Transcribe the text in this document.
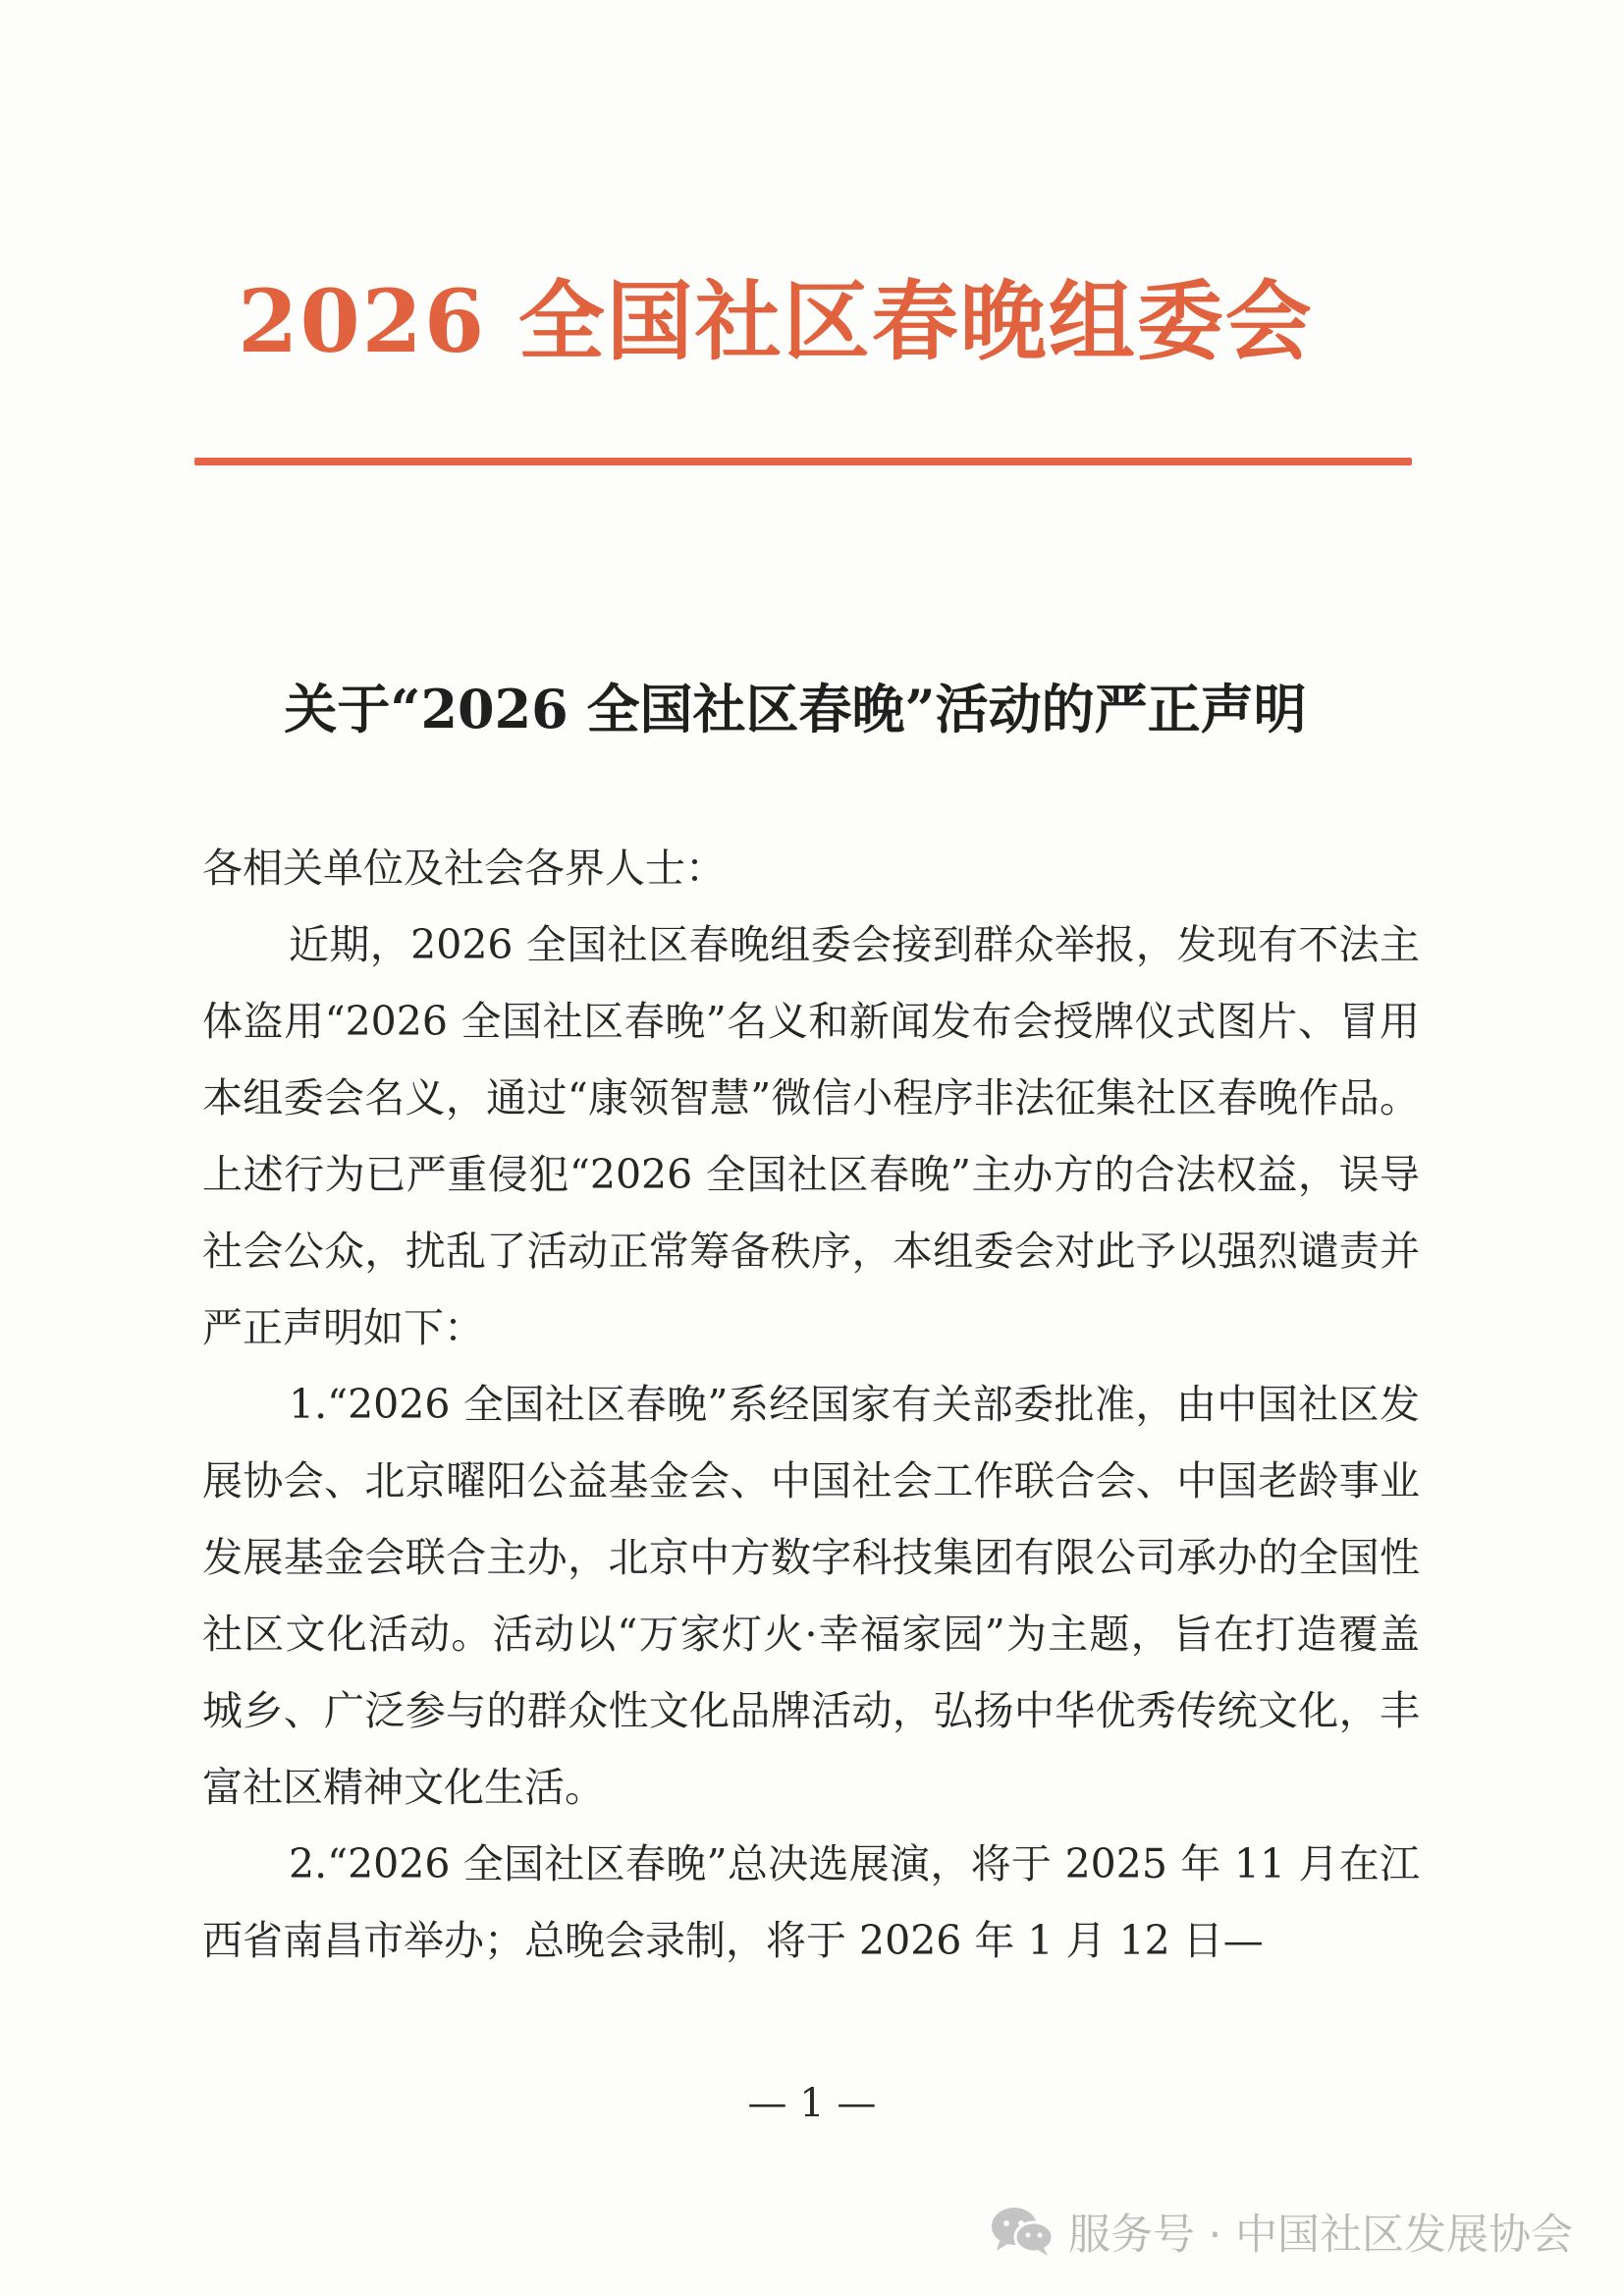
2026 全国社区春晚组委会
关于“2026 全国社区春晚”活动的严正声明

各相关单位及社会各界人士：

近期，2026 全国社区春晚组委会接到群众举报，发现有不法主体盗用“2026 全国社区春晚”名义和新闻发布会授牌仪式图片、冒用本组委会名义，通过“康领智慧”微信小程序非法征集社区春晚作品。上述行为已严重侵犯“2026 全国社区春晚”主办方的合法权益，误导社会公众，扰乱了活动正常筹备秩序，本组委会对此予以强烈谴责并严正声明如下：

1.“2026 全国社区春晚”系经国家有关部委批准，由中国社区发展协会、北京曜阳公益基金会、中国社会工作联合会、中国老龄事业发展基金会联合主办，北京中方数字科技集团有限公司承办的全国性社区文化活动。活动以“万家灯火·幸福家园”为主题，旨在打造覆盖城乡、广泛参与的群众性文化品牌活动，弘扬中华优秀传统文化，丰富社区精神文化生活。

2.“2026 全国社区春晚”总决选展演，将于 2025 年 11 月在江西省南昌市举办；总晚会录制，将于 2026 年 1 月 12 日—

— 1 —
服务号 · 中国社区发展协会
